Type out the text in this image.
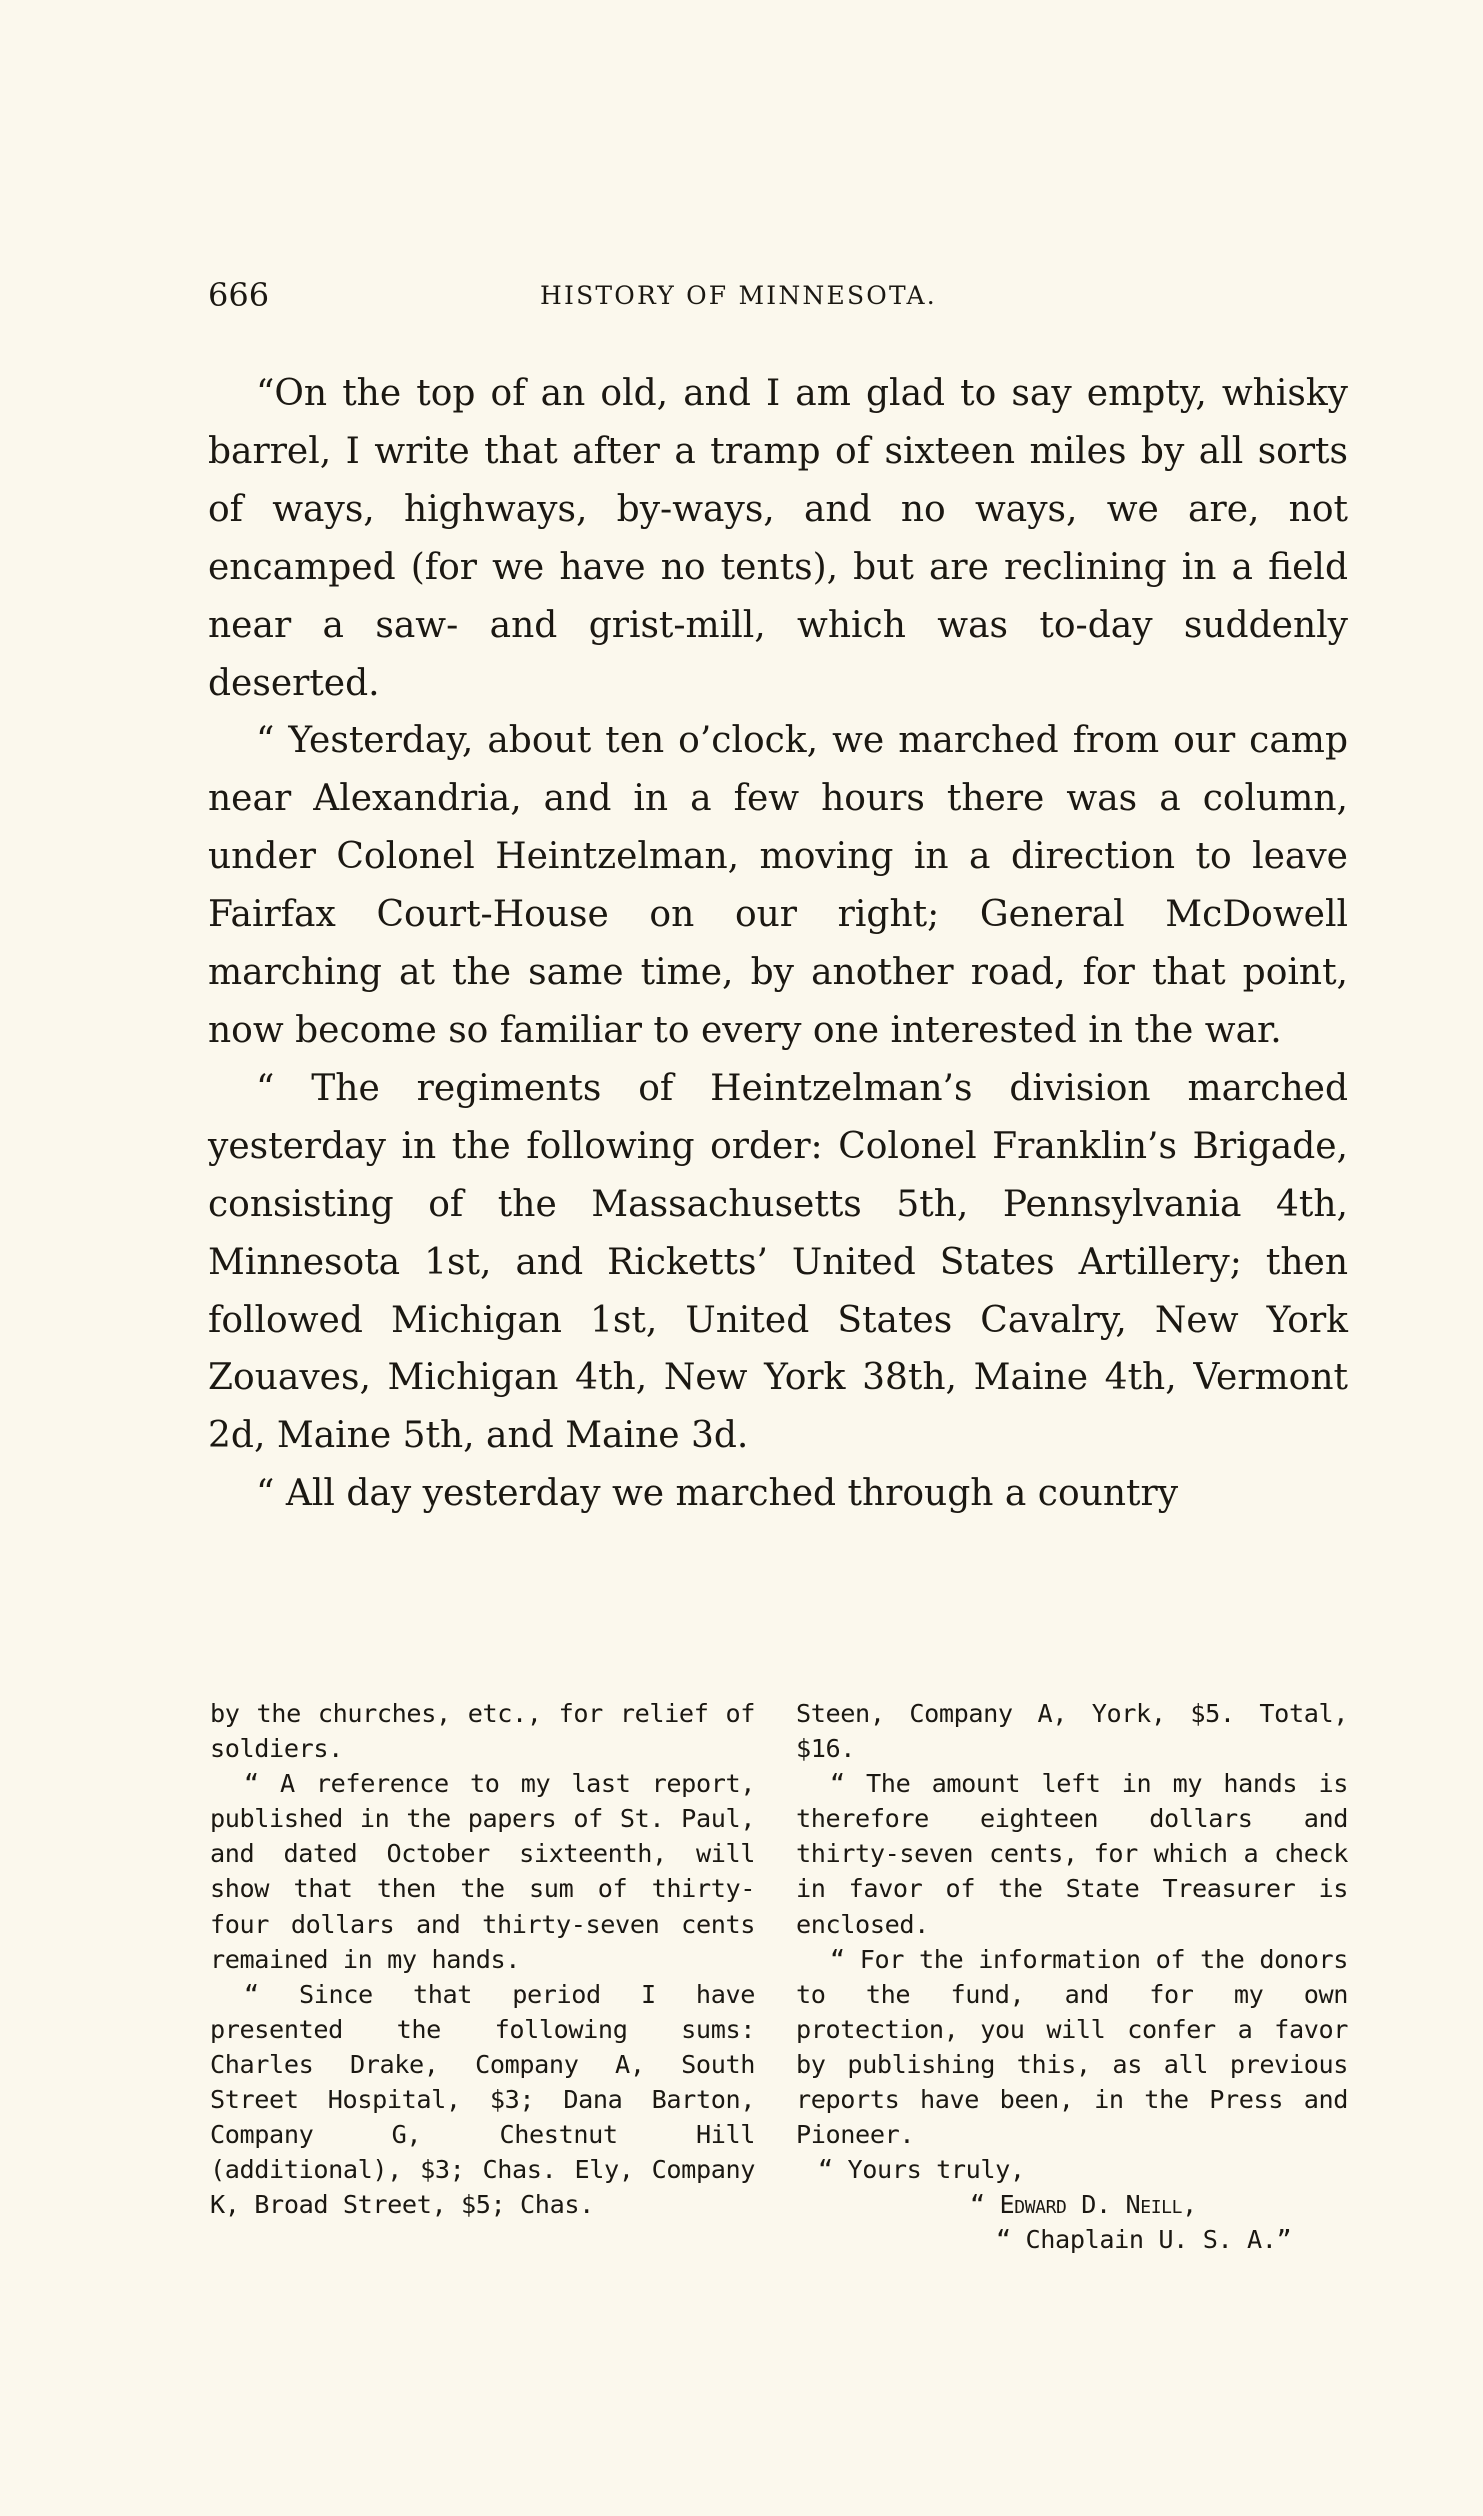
666	HISTORY OF MINNESOTA.

“On the top of an old, and I am glad to say empty, whisky barrel, I write that after a tramp of sixteen miles by all sorts of ways, highways, by-ways, and no ways, we are, not encamped (for we have no tents), but are reclining in a field near a saw- and grist-mill, which was to-day suddenly deserted.

“ Yesterday, about ten o’clock, we marched from our camp near Alexandria, and in a few hours there was a column, under Colonel Heintzelman, moving in a direction to leave Fairfax Court-House on our right; General McDowell marching at the same time, by another road, for that point, now become so familiar to every one interested in the war.

“ The regiments of Heintzelman’s division marched yesterday in the following order: Colonel Franklin’s Brigade, consisting of the Massachusetts 5th, Pennsylvania 4th, Minnesota 1st, and Ricketts’ United States Artillery; then followed Michigan 1st, United States Cavalry, New York Zouaves, Michigan 4th, New York 38th, Maine 4th, Vermont 2d, Maine 5th, and Maine 3d.

“ All day yesterday we marched through a country

by the churches, etc., for relief of soldiers.

“ A reference to my last report, published in the papers of St. Paul, and dated October sixteenth, will show that then the sum of thirty-four dollars and thirty-seven cents remained in my hands.

“ Since that period I have presented the following sums: Charles Drake, Company A, South Street Hospital, $3; Dana Barton, Company G, Chestnut Hill (additional), $3; Chas. Ely, Company K, Broad Street, $5; Chas.

Steen, Company A, York, $5. Total, $16.

“ The amount left in my hands is therefore eighteen dollars and thirty-seven cents, for which a check in favor of the State Treasurer is enclosed.

“ For the information of the donors to the fund, and for my own protection, you will confer a favor by publishing this, as all previous reports have been, in the Press and Pioneer.

“ Yours truly,

“ Edward D. Neill,

“ Chaplain U. S. A.”
